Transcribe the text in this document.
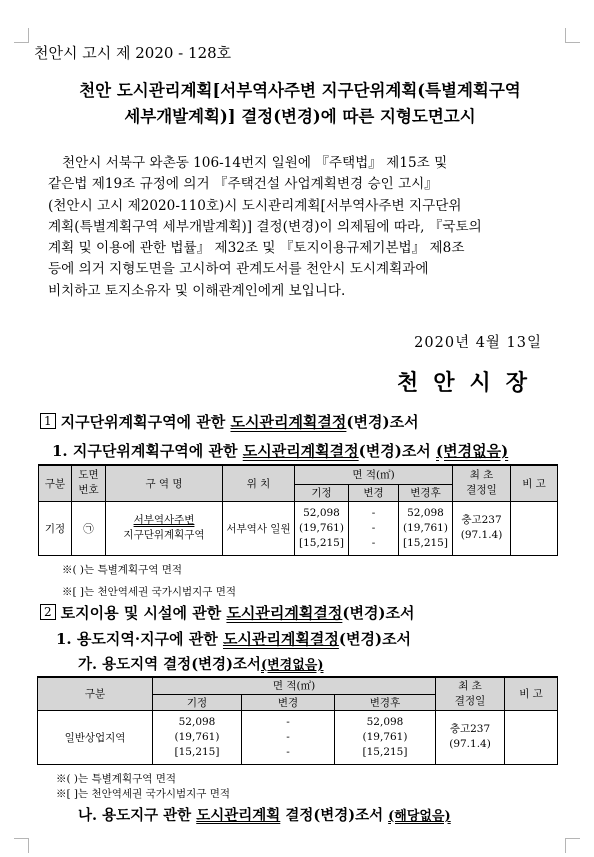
천안시 고시 제 2020 - 128호
천안 도시관리계획[서부역사주변 지구단위계획(특별계획구역
세부개발계획)] 결정(변경)에 따른 지형도면고시
천안시 서북구 와촌동 106-14번지 일원에 『주택법』 제15조 및
같은법 제19조 규정에 의거 『주택건설 사업계획변경 승인 고시』
(천안시 고시 제2020-110호)시 도시관리계획[서부역사주변 지구단위
계획(특별계획구역 세부개발계획)] 결정(변경)이 의제됨에 따라, 『국토의
계획 및 이용에 관한 법률』 제32조 및 『토지이용규제기본법』 제8조
등에 의거 지형도면을 고시하여 관계도서를 천안시 도시계획과에
비치하고 토지소유자 및 이해관계인에게 보입니다.
2020년 4월 13일
천안시장
1 지구단위계획구역에 관한 도시관리계획결정(변경)조서
1. 지구단위계획구역에 관한 도시관리계획결정(변경)조서 (변경없음)
구분	도면
번호	구 역 명	위 치	면 적(㎡)			최 초
결정일	비 고
				기정	변경	변경후		
기정	㉠	서부역사주변
지구단위계획구역	서부역사 일원	52,098
(19,761)
[15,215]	-
-
-	52,098
(19,761)
[15,215]	충고237
(97.1.4)	
※( )는 특별계획구역 면적
※[ ]는 천안역세권 국가시범지구 면적
2 토지이용 및 시설에 관한 도시관리계획결정(변경)조서
1. 용도지역·지구에 관한 도시관리계획결정(변경)조서
가. 용도지역 결정(변경)조서(변경없음)
구분	면 적(㎡)			최 초
결정일	비 고
	기정	변경	변경후		
일반상업지역	52,098
(19,761)
[15,215]	-
-
-	52,098
(19,761)
[15,215]	충고237
(97.1.4)	
※( )는 특별계획구역 면적
※[ ]는 천안역세권 국가시범지구 면적
나. 용도지구 관한 도시관리계획 결정(변경)조서 (해당없음)
